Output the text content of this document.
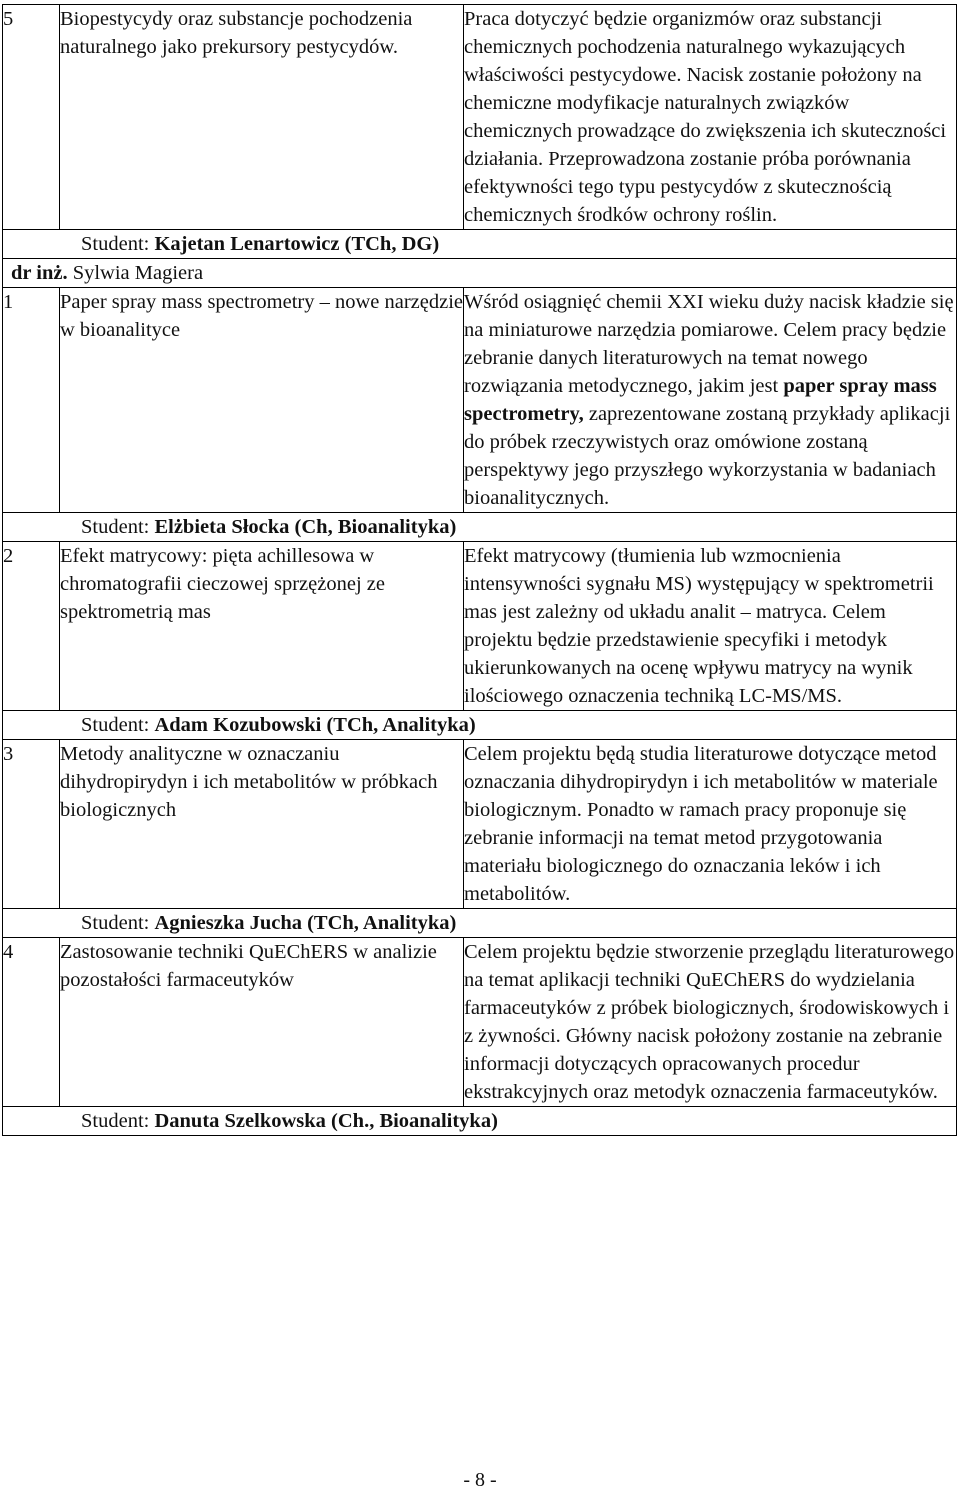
5	Biopestycydy oraz substancje pochodzenia naturalnego jako prekursory pestycydów.	Praca dotyczyć będzie organizmów oraz substancji chemicznych pochodzenia naturalnego wykazujących właściwości pestycydowe. Nacisk zostanie położony na chemiczne modyfikacje naturalnych związków chemicznych prowadzące do zwiększenia ich skuteczności działania. Przeprowadzona zostanie próba porównania efektywności tego typu pestycydów z skutecznością chemicznych środków ochrony roślin.
Student: Kajetan Lenartowicz (TCh, DG)		
dr inż. Sylwia Magiera		
1	Paper spray mass spectrometry – nowe narzędzie w bioanalityce	Wśród osiągnięć chemii XXI wieku duży nacisk kładzie się na miniaturowe narzędzia pomiarowe. Celem pracy będzie zebranie danych literaturowych na temat nowego rozwiązania metodycznego, jakim jest paper spray mass spectrometry, zaprezentowane zostaną przykłady aplikacji do próbek rzeczywistych oraz omówione zostaną perspektywy jego przyszłego wykorzystania w badaniach bioanalitycznych.
Student: Elżbieta Słocka (Ch, Bioanalityka)		
2	Efekt matrycowy: pięta achillesowa w chromatografii cieczowej sprzężonej ze spektrometrią mas	Efekt matrycowy (tłumienia lub wzmocnienia intensywności sygnału MS) występujący w spektrometrii mas jest zależny od układu analit – matryca. Celem projektu będzie przedstawienie specyfiki i metodyk ukierunkowanych na ocenę wpływu matrycy na wynik ilościowego oznaczenia techniką LC-MS/MS.
Student: Adam Kozubowski (TCh, Analityka)		
3	Metody analityczne w oznaczaniu dihydropirydyn i ich metabolitów w próbkach biologicznych	Celem projektu będą studia literaturowe dotyczące metod oznaczania dihydropirydyn i ich metabolitów w materiale biologicznym. Ponadto w ramach pracy proponuje się zebranie informacji na temat metod przygotowania materiału biologicznego do oznaczania leków i ich metabolitów.
Student: Agnieszka Jucha (TCh, Analityka)		
4	Zastosowanie techniki QuEChERS w analizie pozostałości farmaceutyków	Celem projektu będzie stworzenie przeglądu literaturowego na temat aplikacji techniki QuEChERS do wydzielania farmaceutyków z próbek biologicznych, środowiskowych i z żywności. Główny nacisk położony zostanie na zebranie informacji dotyczących opracowanych procedur ekstrakcyjnych oraz metodyk oznaczenia farmaceutyków.
Student: Danuta Szelkowska (Ch., Bioanalityka)		
- 8 -
